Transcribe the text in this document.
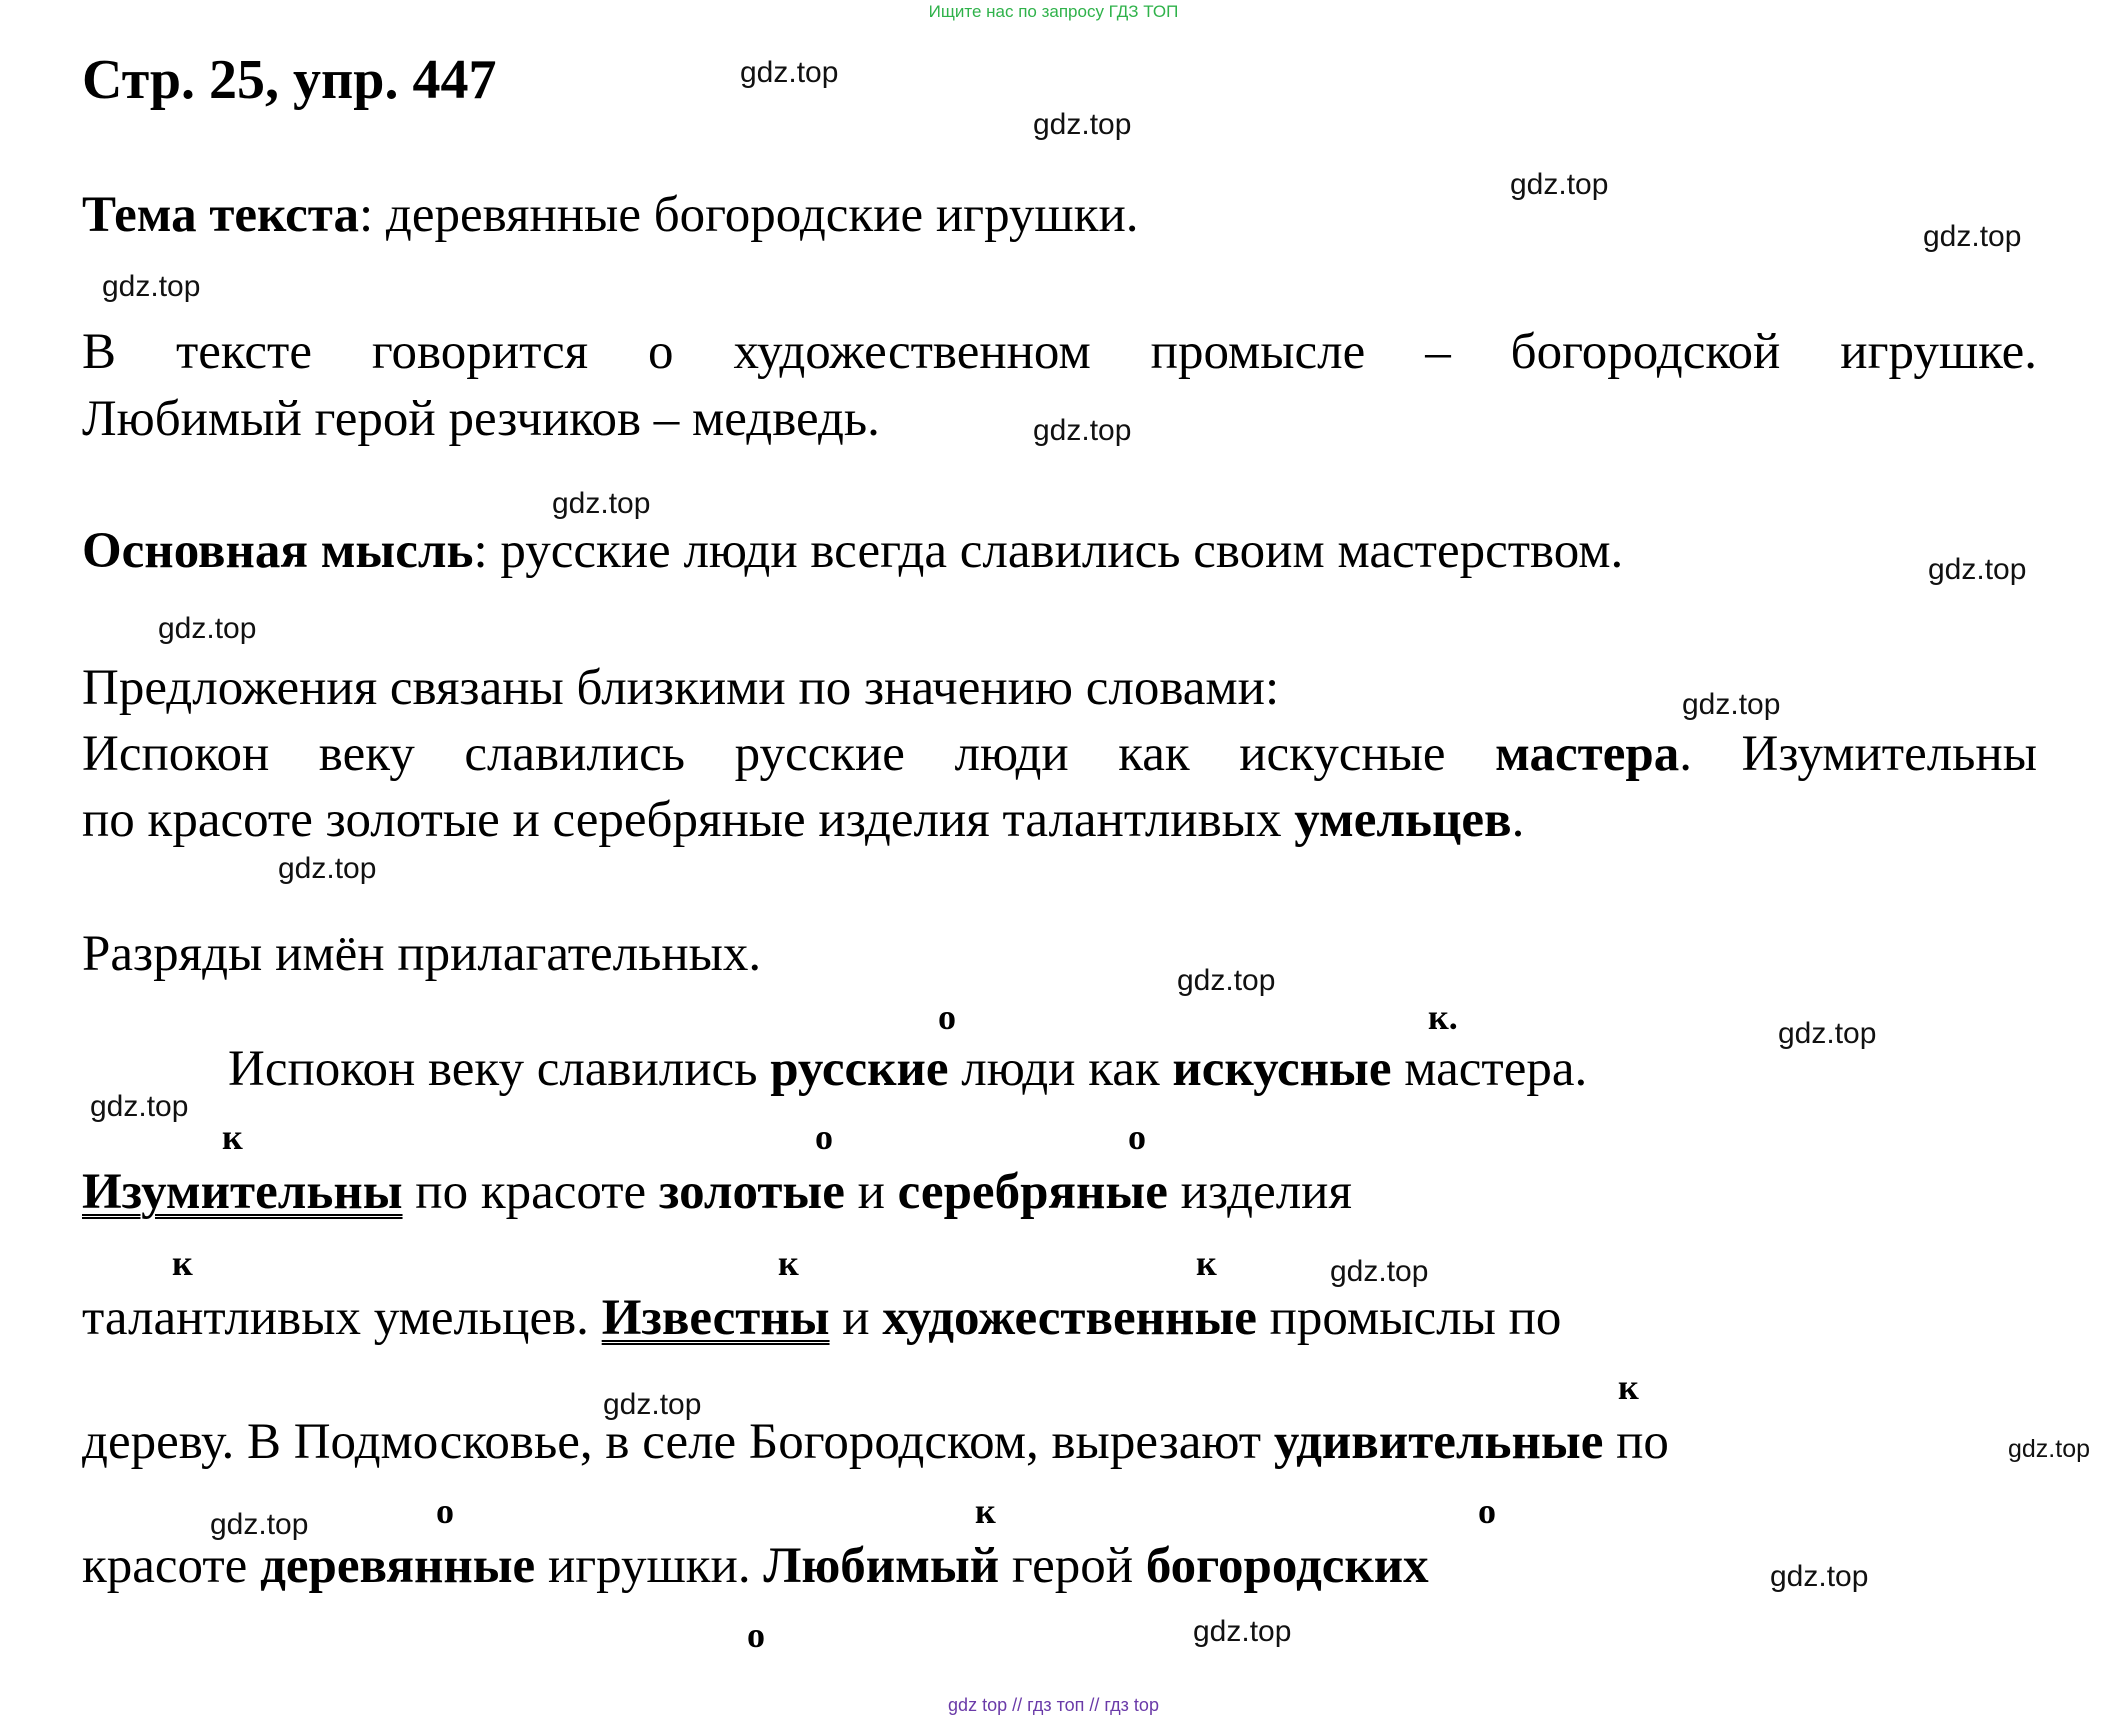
Ищите нас по запросу ГДЗ ТОП
Стр. 25, упр. 447	gdz.top
gdz.top
gdz.top
gdz.top
gdz.top
gdz.top
gdz.top
gdz.top
gdz.top
gdz.top
gdz.top
gdz.top
gdz.top
gdz.top
gdz.top
gdz.top
gdz.top
gdz.top
gdz.top
gdz.top
Тема текста: деревянные богородские игрушки.
В тексте говорится о художественном промысле – богородской игрушке.
Любимый герой резчиков – медведь.
Основная мысль: русские люди всегда славились своим мастерством.
Предложения связаны близкими по значению словами:
Испокон веку славились русские люди как искусные мастера. Изумительны
по красоте золотые и серебряные изделия талантливых умельцев.
Разряды имён прилагательных.
о	к.
Испокон веку славились русские люди как искусные мастера.
к	о	о
Изумительны по красоте золотые и серебряные изделия
к	к	к
талантливых умельцев. Известны и художественные промыслы по
к
дереву. В Подмосковье, в селе Богородском, вырезают удивительные по
о	к	о
красоте деревянные игрушки. Любимый герой богородских
о
gdz top // гдз топ // гдз top
